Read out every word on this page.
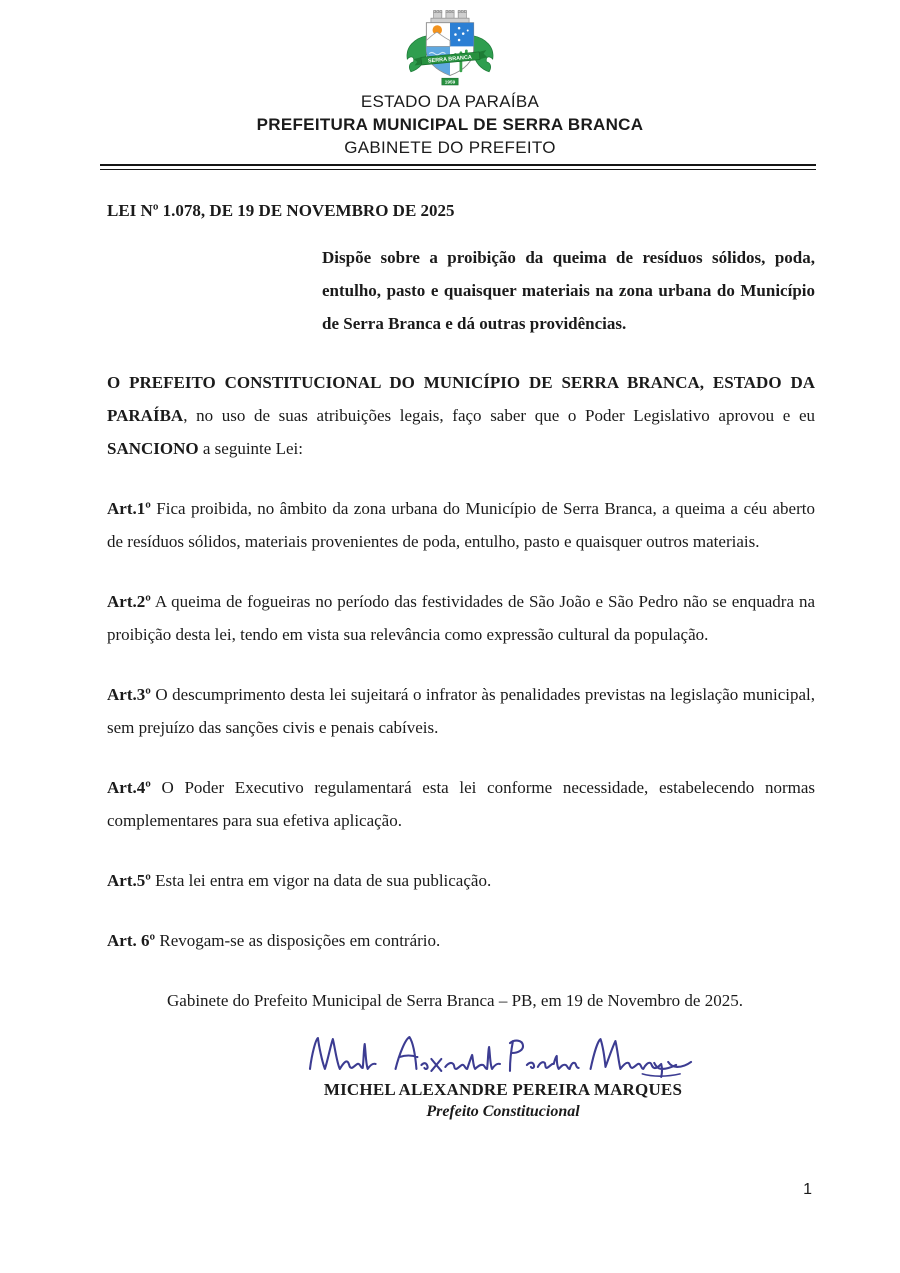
SERRA BRANCA
1959
ESTADO DA PARAÍBA
PREFEITURA MUNICIPAL DE SERRA BRANCA
GABINETE DO PREFEITO
LEI Nº 1.078, DE 19 DE NOVEMBRO DE 2025

Dispõe sobre a proibição da queima de resíduos sólidos, poda, entulho, pasto e quaisquer materiais na zona urbana do Município de Serra Branca e dá outras providências.

O PREFEITO CONSTITUCIONAL DO MUNICÍPIO DE SERRA BRANCA, ESTADO DA PARAÍBA, no uso de suas atribuições legais, faço saber que o Poder Legislativo aprovou e eu SANCIONO a seguinte Lei:

Art.1º Fica proibida, no âmbito da zona urbana do Município de Serra Branca, a queima a céu aberto de resíduos sólidos, materiais provenientes de poda, entulho, pasto e quaisquer outros materiais.

Art.2º A queima de fogueiras no período das festividades de São João e São Pedro não se enquadra na proibição desta lei, tendo em vista sua relevância como expressão cultural da população.

Art.3º O descumprimento desta lei sujeitará o infrator às penalidades previstas na legislação municipal, sem prejuízo das sanções civis e penais cabíveis.

Art.4º O Poder Executivo regulamentará esta lei conforme necessidade, estabelecendo normas complementares para sua efetiva aplicação.

Art.5º Esta lei entra em vigor na data de sua publicação.

Art. 6º Revogam-se as disposições em contrário.

Gabinete do Prefeito Municipal de Serra Branca – PB, em 19 de Novembro de 2025.

MICHEL ALEXANDRE PEREIRA MARQUES
Prefeito Constitucional
1
